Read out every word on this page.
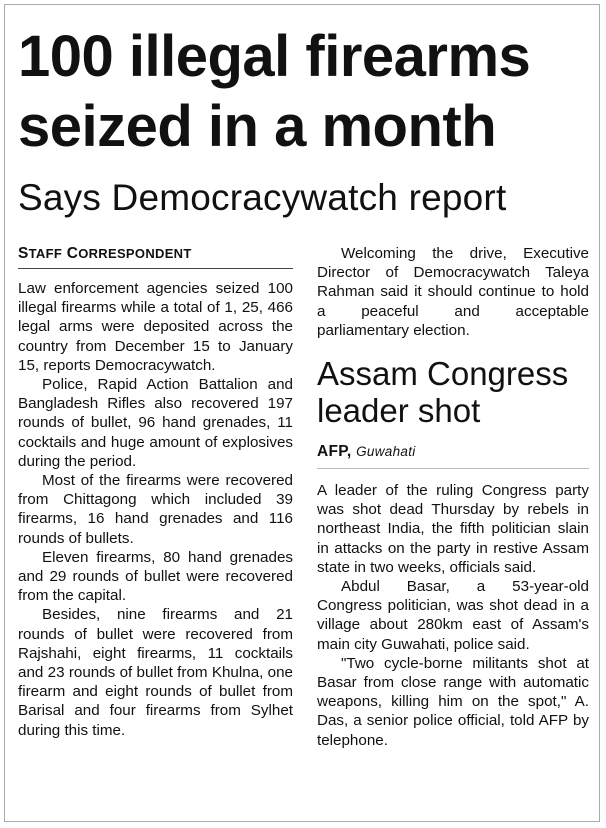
100 illegal firearms seized in a month
Says Democracywatch report
STAFF CORRESPONDENT

Law enforcement agencies seized 100 illegal firearms while a total of 1, 25, 466 legal arms were deposited across the country from December 15 to January 15, reports Democracywatch.

Police, Rapid Action Battalion and Bangladesh Rifles also recovered 197 rounds of bullet, 96 hand grenades, 11 cocktails and huge amount of explosives during the period.

Most of the firearms were recovered from Chittagong which included 39 firearms, 16 hand grenades and 116 rounds of bullets.

Eleven firearms, 80 hand grenades and 29 rounds of bullet were recovered from the capital.

Besides, nine firearms and 21 rounds of bullet were recovered from Rajshahi, eight firearms, 11 cocktails and 23 rounds of bullet from Khulna, one firearm and eight rounds of bullet from Barisal and four firearms from Sylhet during this time.

Welcoming the drive, Executive Director of Democracywatch Taleya Rahman said it should continue to hold a peaceful and acceptable parliamentary election.

Assam Congress leader shot
AFP, Guwahati

A leader of the ruling Congress party was shot dead Thursday by rebels in northeast India, the fifth politician slain in attacks on the party in restive Assam state in two weeks, officials said.

Abdul Basar, a 53-year-old Congress politician, was shot dead in a village about 280km east of Assam's main city Guwahati, police said.

"Two cycle-borne militants shot at Basar from close range with automatic weapons, killing him on the spot," A. Das, a senior police official, told AFP by telephone.
